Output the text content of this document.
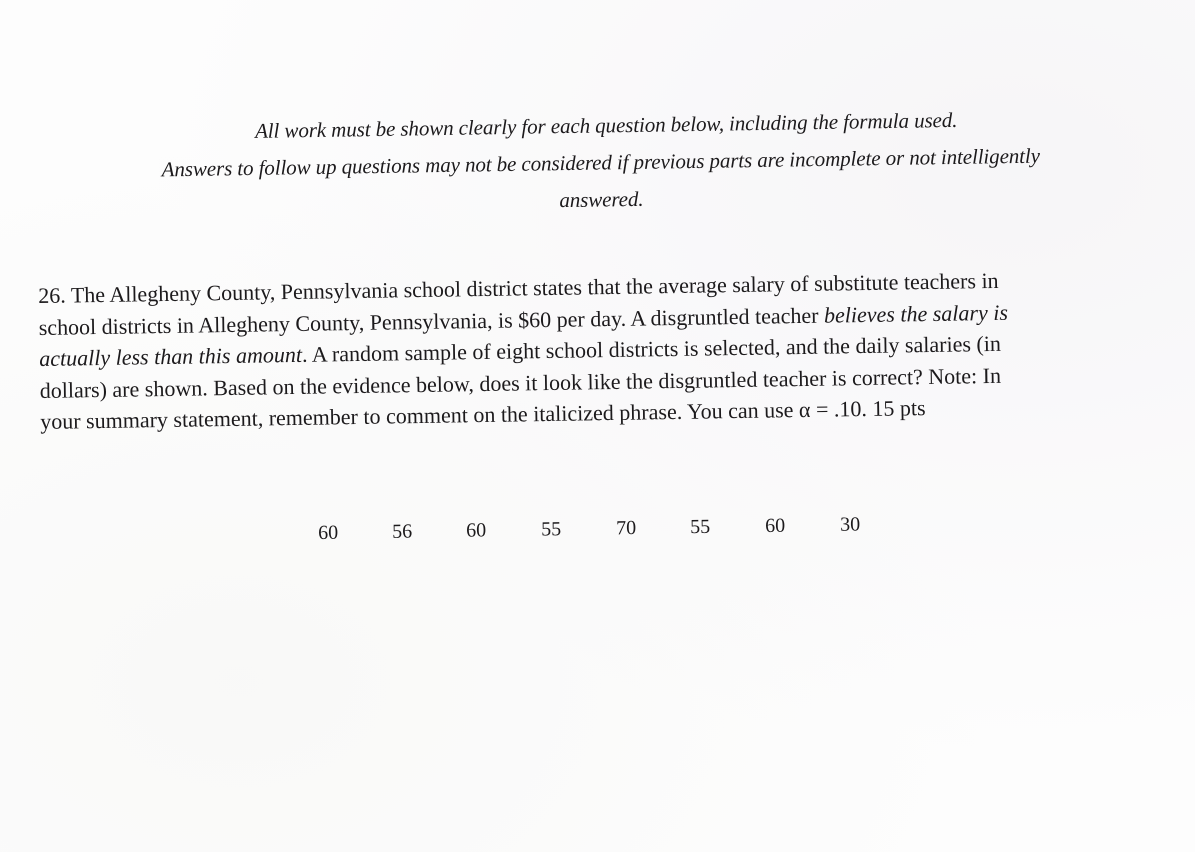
All work must be shown clearly for each question below, including the formula used.
Answers to follow up questions may not be considered if previous parts are incomplete or not intelligently
answered.
26. The Allegheny County, Pennsylvania school district states that the average salary of substitute teachers in
school districts in Allegheny County, Pennsylvania, is $60 per day. A disgruntled teacher believes the salary is
actually less than this amount. A random sample of eight school districts is selected, and the daily salaries (in
dollars) are shown. Based on the evidence below, does it look like the disgruntled teacher is correct? Note: In
your summary statement, remember to comment on the italicized phrase. You can use α = .10. 15 pts
60	56	60	55	70	55	60	30
